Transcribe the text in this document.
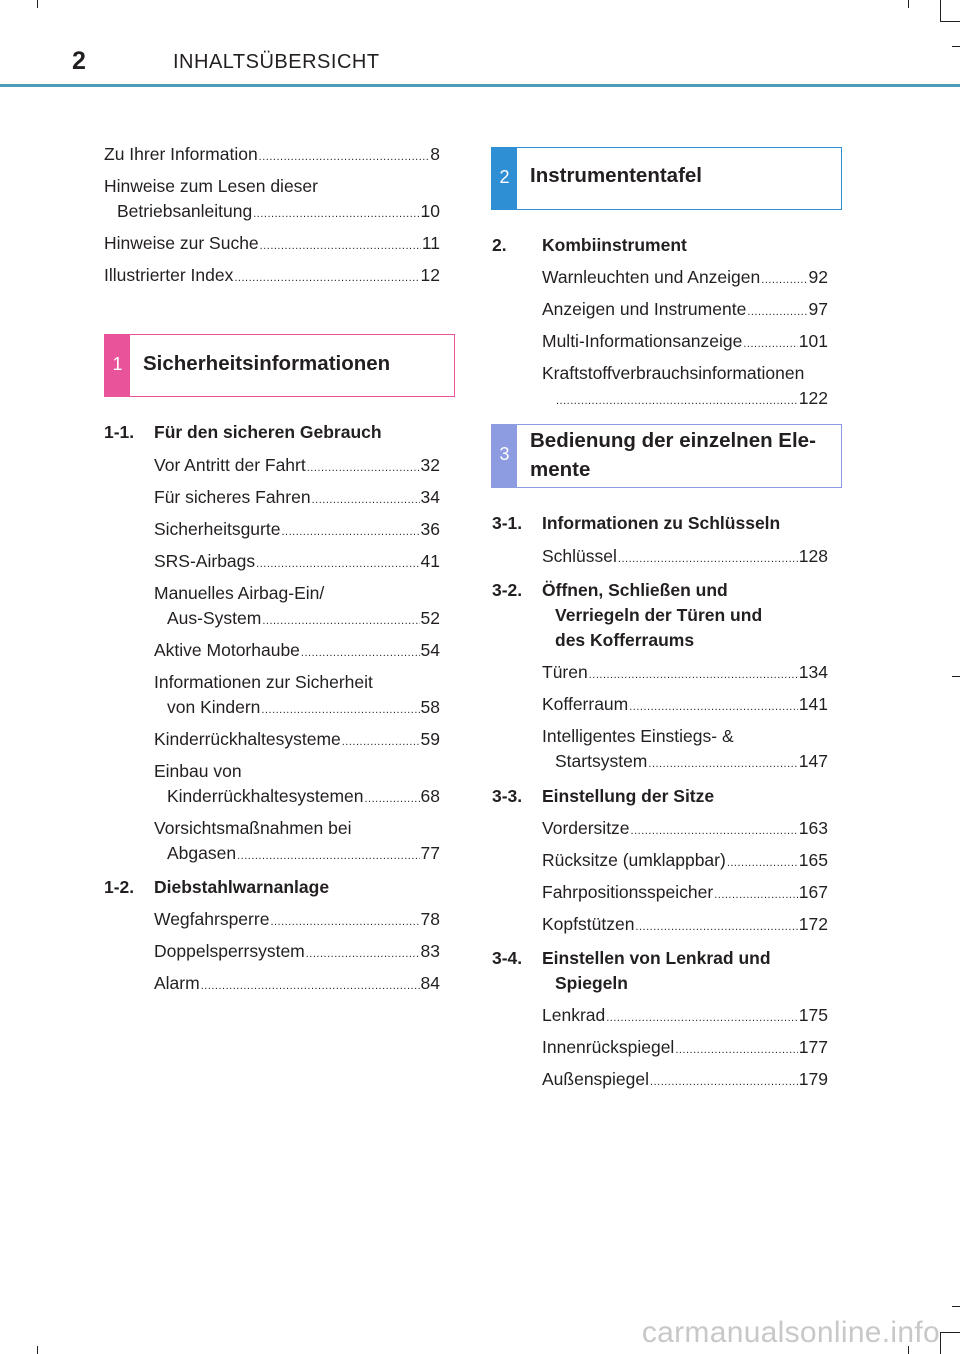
2	INHALTSÜBERSICHT
Zu Ihrer Information .....	8
Hinweise zum Lesen dieser
Betriebsanleitung .....	10
Hinweise zur Suche .....	11
Illustrierter Index .....	12
1	Sicherheitsinformationen
1-1.	Für den sicheren Gebrauch
Vor Antritt der Fahrt .....	32
Für sicheres Fahren .....	34
Sicherheitsgurte .....	36
SRS-Airbags .....	41
Manuelles Airbag-Ein/
Aus-System .....	52
Aktive Motorhaube .....	54
Informationen zur Sicherheit
von Kindern .....	58
Kinderrückhaltesysteme .....	59
Einbau von
Kinderrückhaltesystemen .....	68
Vorsichtsmaßnahmen bei
Abgasen .....	77
1-2.	Diebstahlwarnanlage
Wegfahrsperre .....	78
Doppelsperrsystem .....	83
Alarm .....	84
2	Instrumententafel
2.	Kombiinstrument
Warnleuchten und Anzeigen .....	92
Anzeigen und Instrumente .....	97
Multi-Informationsanzeige .....	101
Kraftstoffverbrauchsinformationen
.....
122
3
Bedienung der einzelnen Ele-
mente
3-1.	Informationen zu Schlüsseln
Schlüssel .....	128
3-2.	Öffnen, Schließen und
Verriegeln der Türen und
des Kofferraums
Türen .....	134
Kofferraum .....	141
Intelligentes Einstiegs- &
Startsystem .....	147
3-3.	Einstellung der Sitze
Vordersitze .....	163
Rücksitze (umklappbar) .....	165
Fahrpositionsspeicher .....	167
Kopfstützen .....	172
3-4.	Einstellen von Lenkrad und
Spiegeln
Lenkrad .....	175
Innenrückspiegel .....	177
Außenspiegel .....	179
carmanualsonline.info
